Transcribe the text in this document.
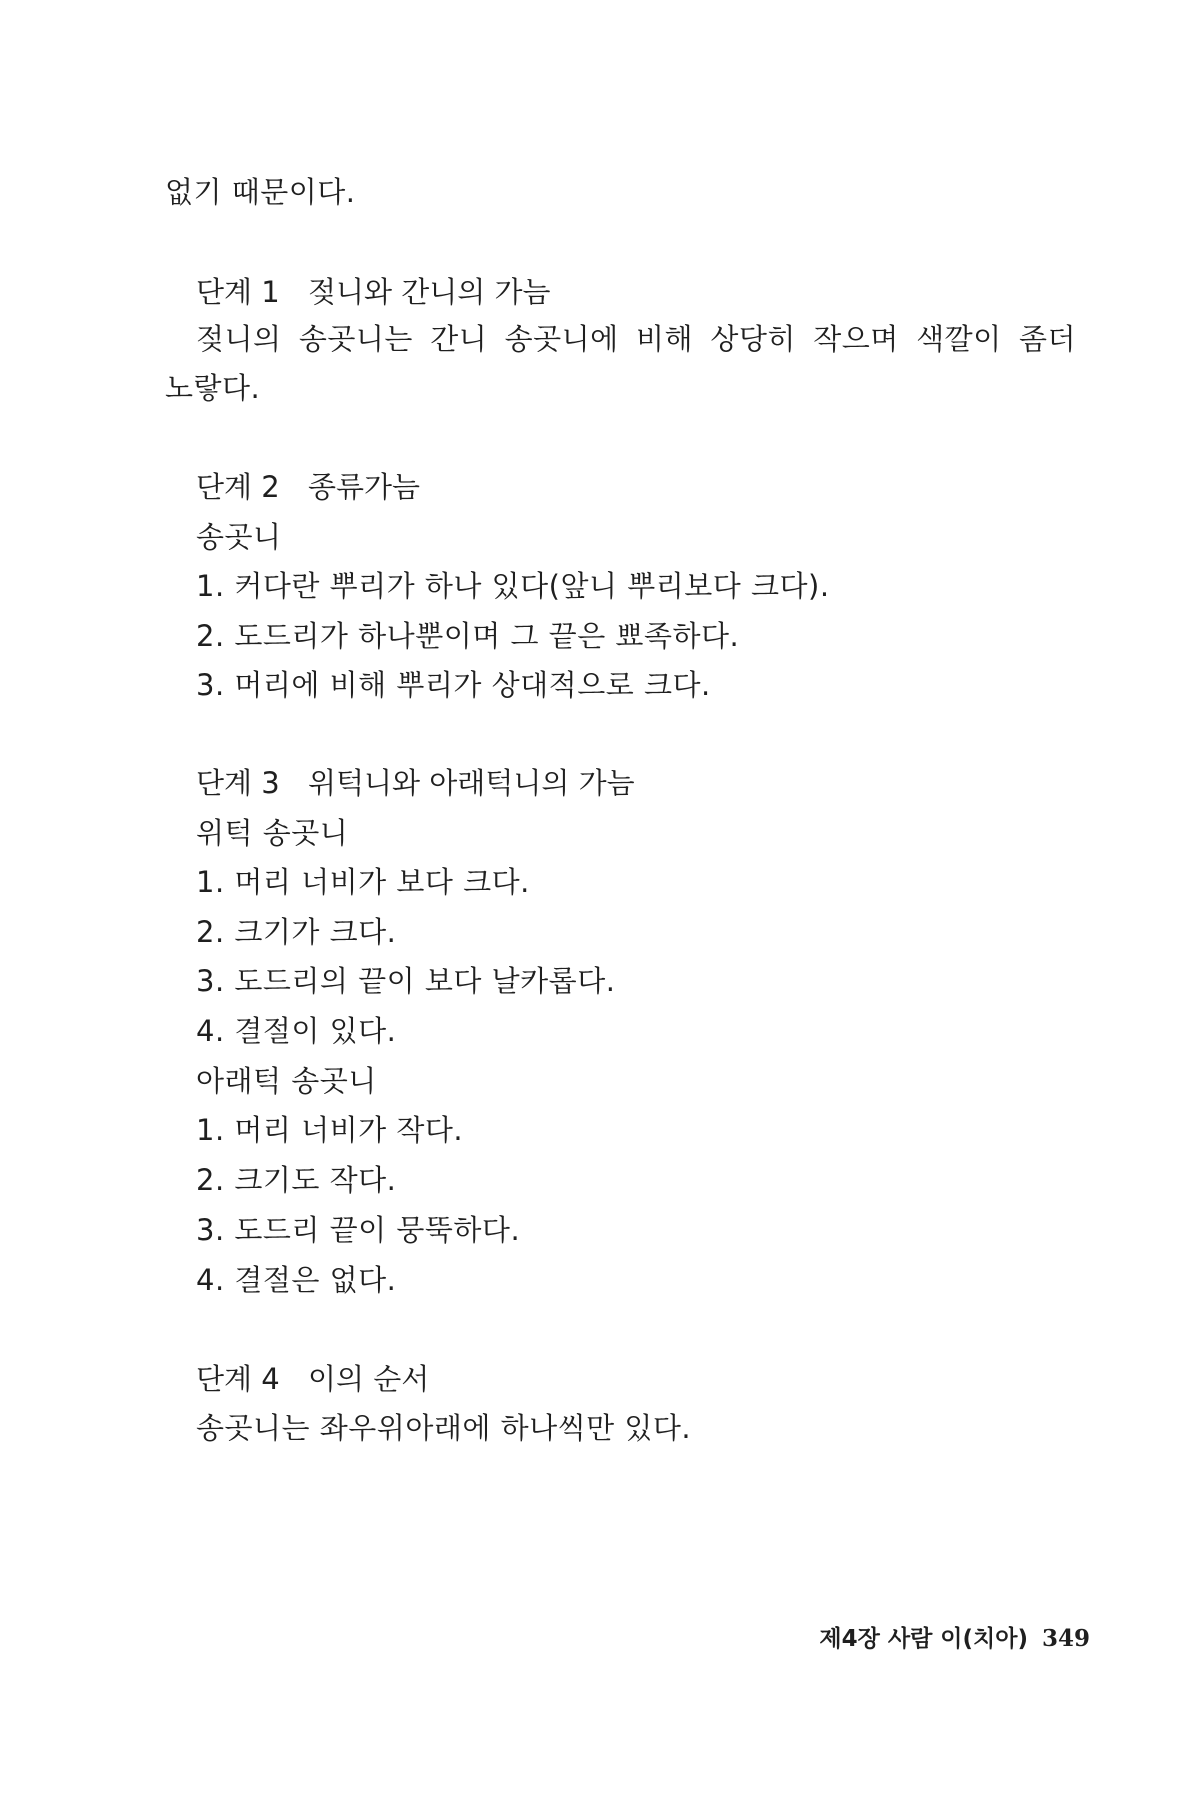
없기 때문이다.
단계 1 젖니와 간니의 가늠
젖니의 송곳니는 간니 송곳니에 비해 상당히 작으며 색깔이 좀더
노랗다.
단계 2 종류가늠
송곳니
1. 커다란 뿌리가 하나 있다(앞니 뿌리보다 크다).
2. 도드리가 하나뿐이며 그 끝은 뾰족하다.
3. 머리에 비해 뿌리가 상대적으로 크다.
단계 3 위턱니와 아래턱니의 가늠
위턱 송곳니
1. 머리 너비가 보다 크다.
2. 크기가 크다.
3. 도드리의 끝이 보다 날카롭다.
4. 결절이 있다.
아래턱 송곳니
1. 머리 너비가 작다.
2. 크기도 작다.
3. 도드리 끝이 뭉뚝하다.
4. 결절은 없다.
단계 4 이의 순서
송곳니는 좌우위아래에 하나씩만 있다.
제4장 사람 이(치아) 349
